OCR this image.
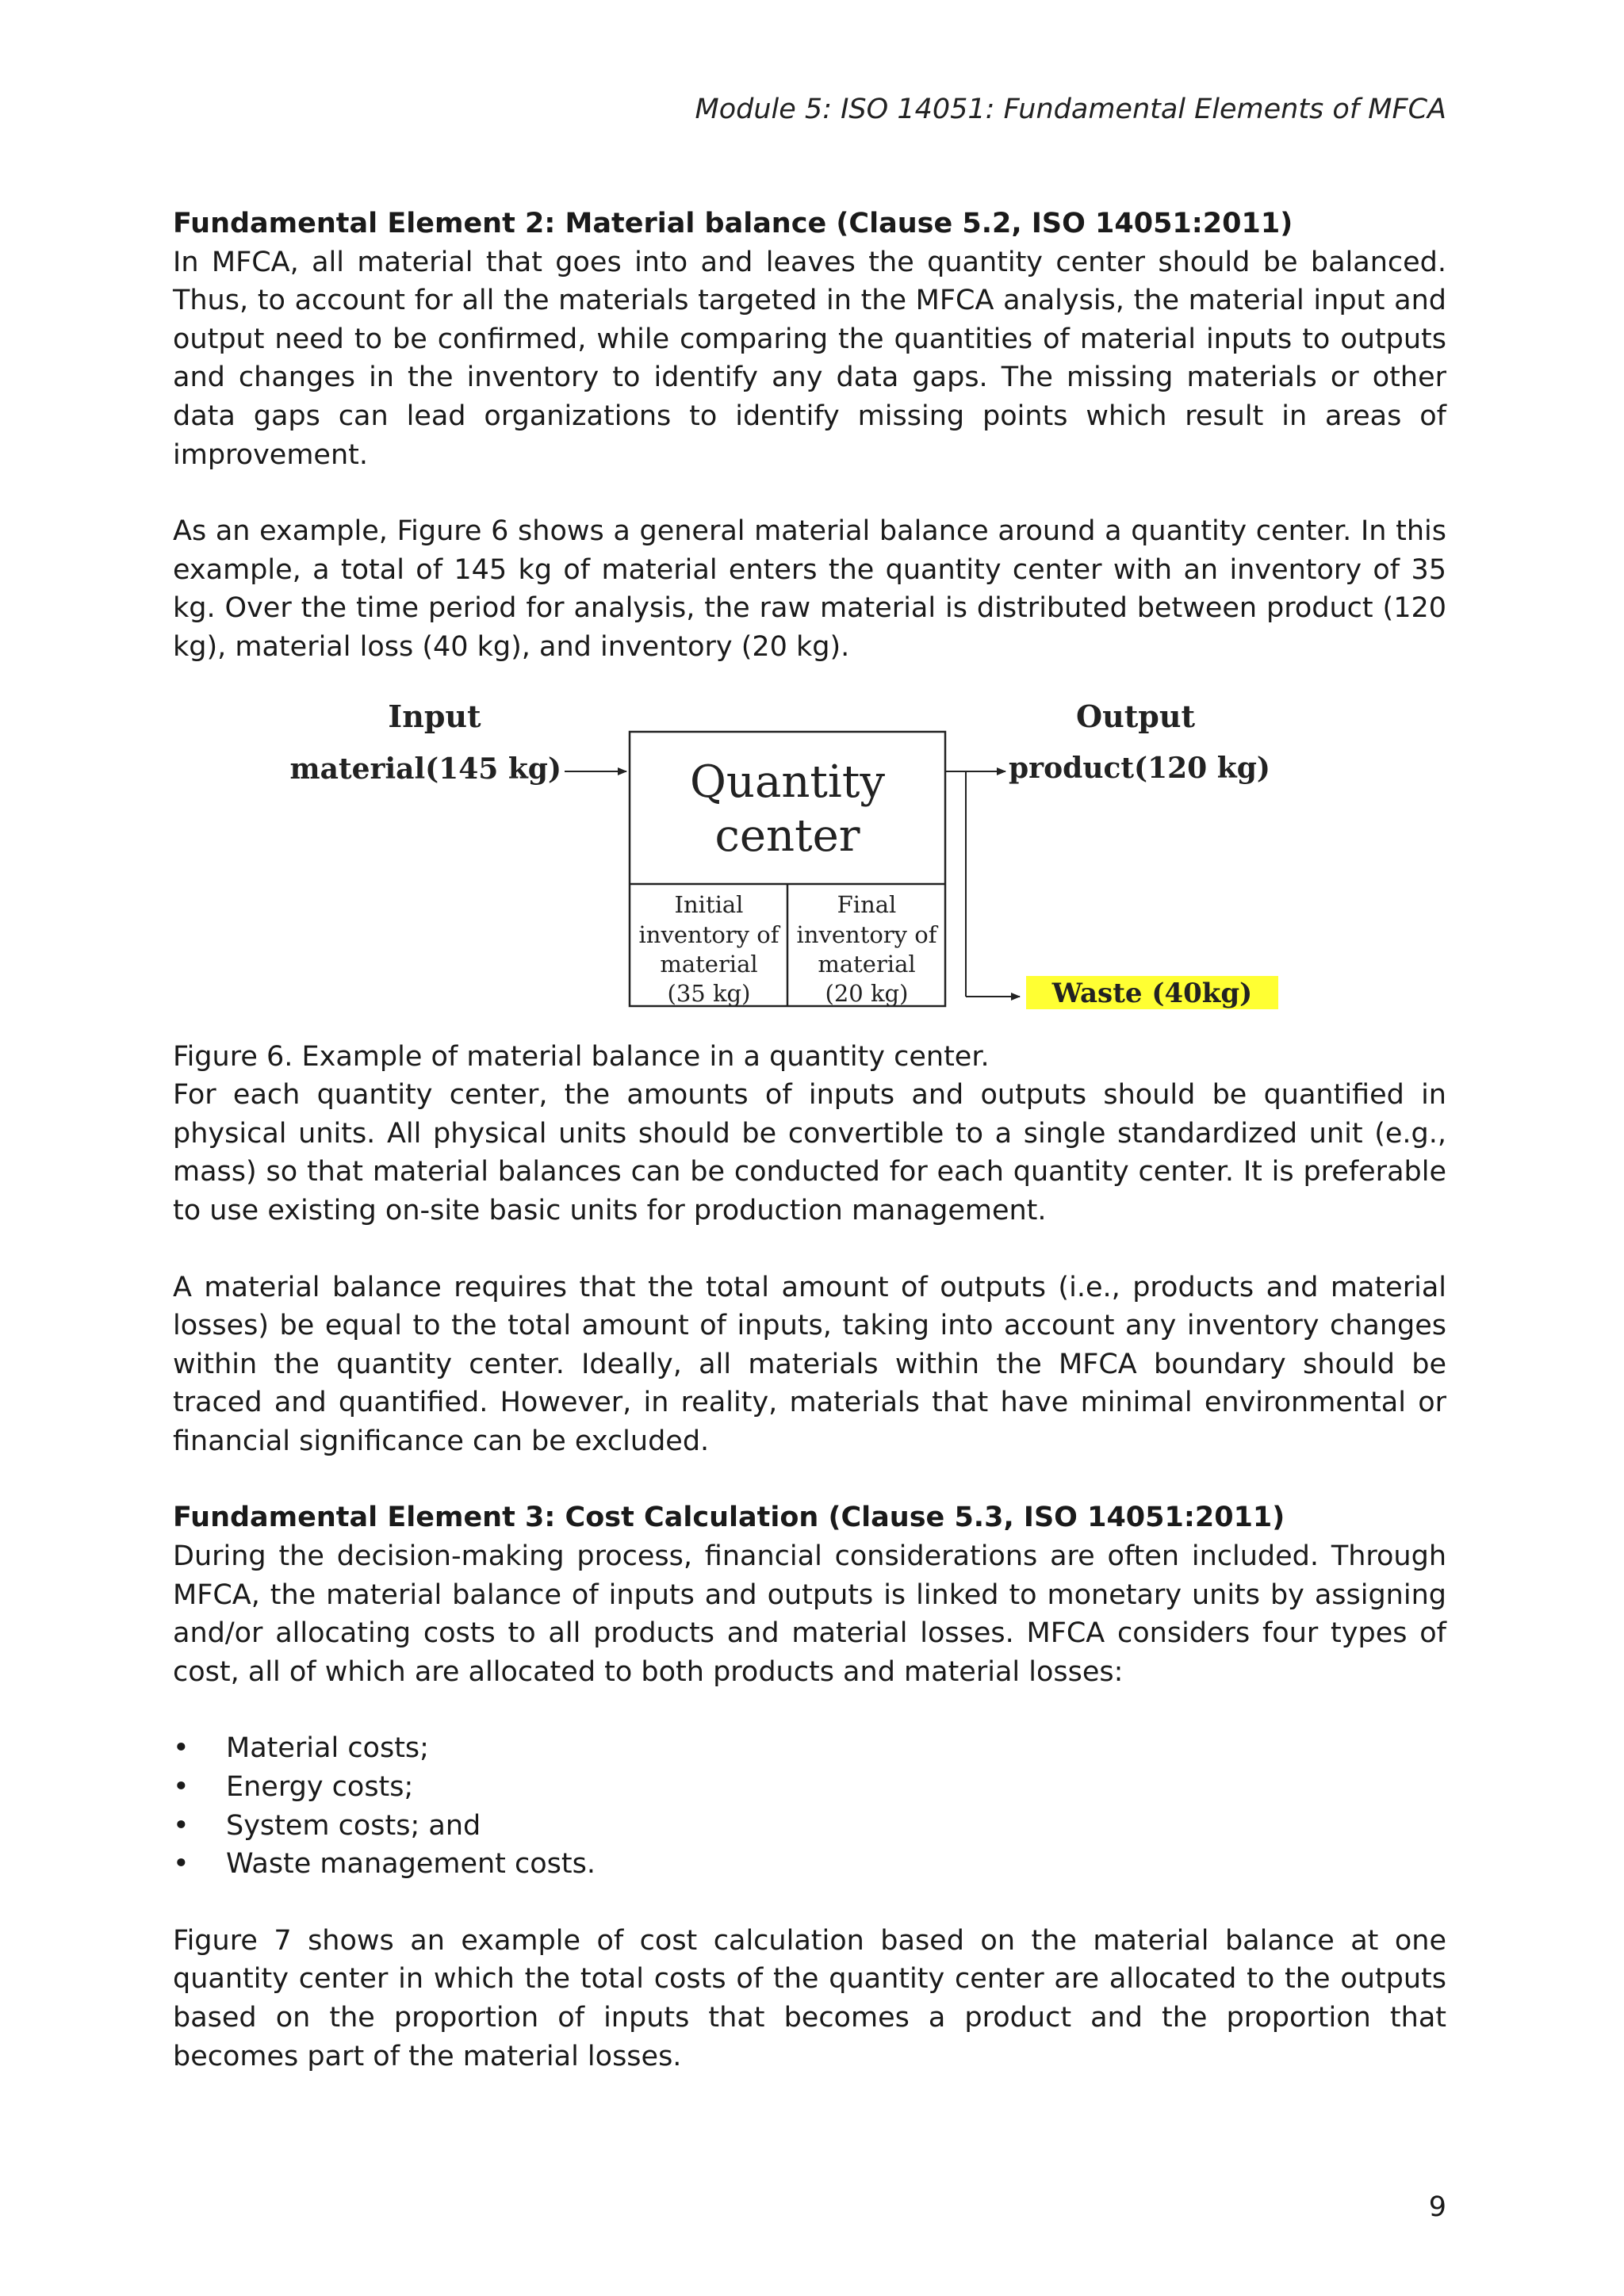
Module 5: ISO 14051: Fundamental Elements of MFCA

Fundamental Element 2: Material balance (Clause 5.2, ISO 14051:2011)

In MFCA, all material that goes into and leaves the quantity center should be balanced. Thus, to account for all the materials targeted in the MFCA analysis, the material input and output need to be confirmed, while comparing the quantities of material inputs to outputs and changes in the inventory to identify any data gaps. The missing materials or other data gaps can lead organizations to identify missing points which result in areas of improvement.

As an example, Figure 6 shows a general material balance around a quantity center. In this example, a total of 145 kg of material enters the quantity center with an inventory of 35 kg. Over the time period for analysis, the raw material is distributed between product (120 kg), material loss (40 kg), and inventory (20 kg).

Input	Output
material(145 kg)	Quantity
center
Initial
inventory of
material
(35 kg)
Final
inventory of
material
(20 kg)
product(120 kg)
Waste (40kg)

Figure 6. Example of material balance in a quantity center.

For each quantity center, the amounts of inputs and outputs should be quantified in physical units. All physical units should be convertible to a single standardized unit (e.g., mass) so that material balances can be conducted for each quantity center. It is preferable to use existing on-site basic units for production management.

A material balance requires that the total amount of outputs (i.e., products and material losses) be equal to the total amount of inputs, taking into account any inventory changes within the quantity center. Ideally, all materials within the MFCA boundary should be traced and quantified. However, in reality, materials that have minimal environmental or financial significance can be excluded.

Fundamental Element 3: Cost Calculation (Clause 5.3, ISO 14051:2011)

During the decision-making process, financial considerations are often included. Through MFCA, the material balance of inputs and outputs is linked to monetary units by assigning and/or allocating costs to all products and material losses. MFCA considers four types of cost, all of which are allocated to both products and material losses:

• Material costs;
• Energy costs;
• System costs; and
• Waste management costs.

Figure 7 shows an example of cost calculation based on the material balance at one quantity center in which the total costs of the quantity center are allocated to the outputs based on the proportion of inputs that becomes a product and the proportion that becomes part of the material losses.

9
